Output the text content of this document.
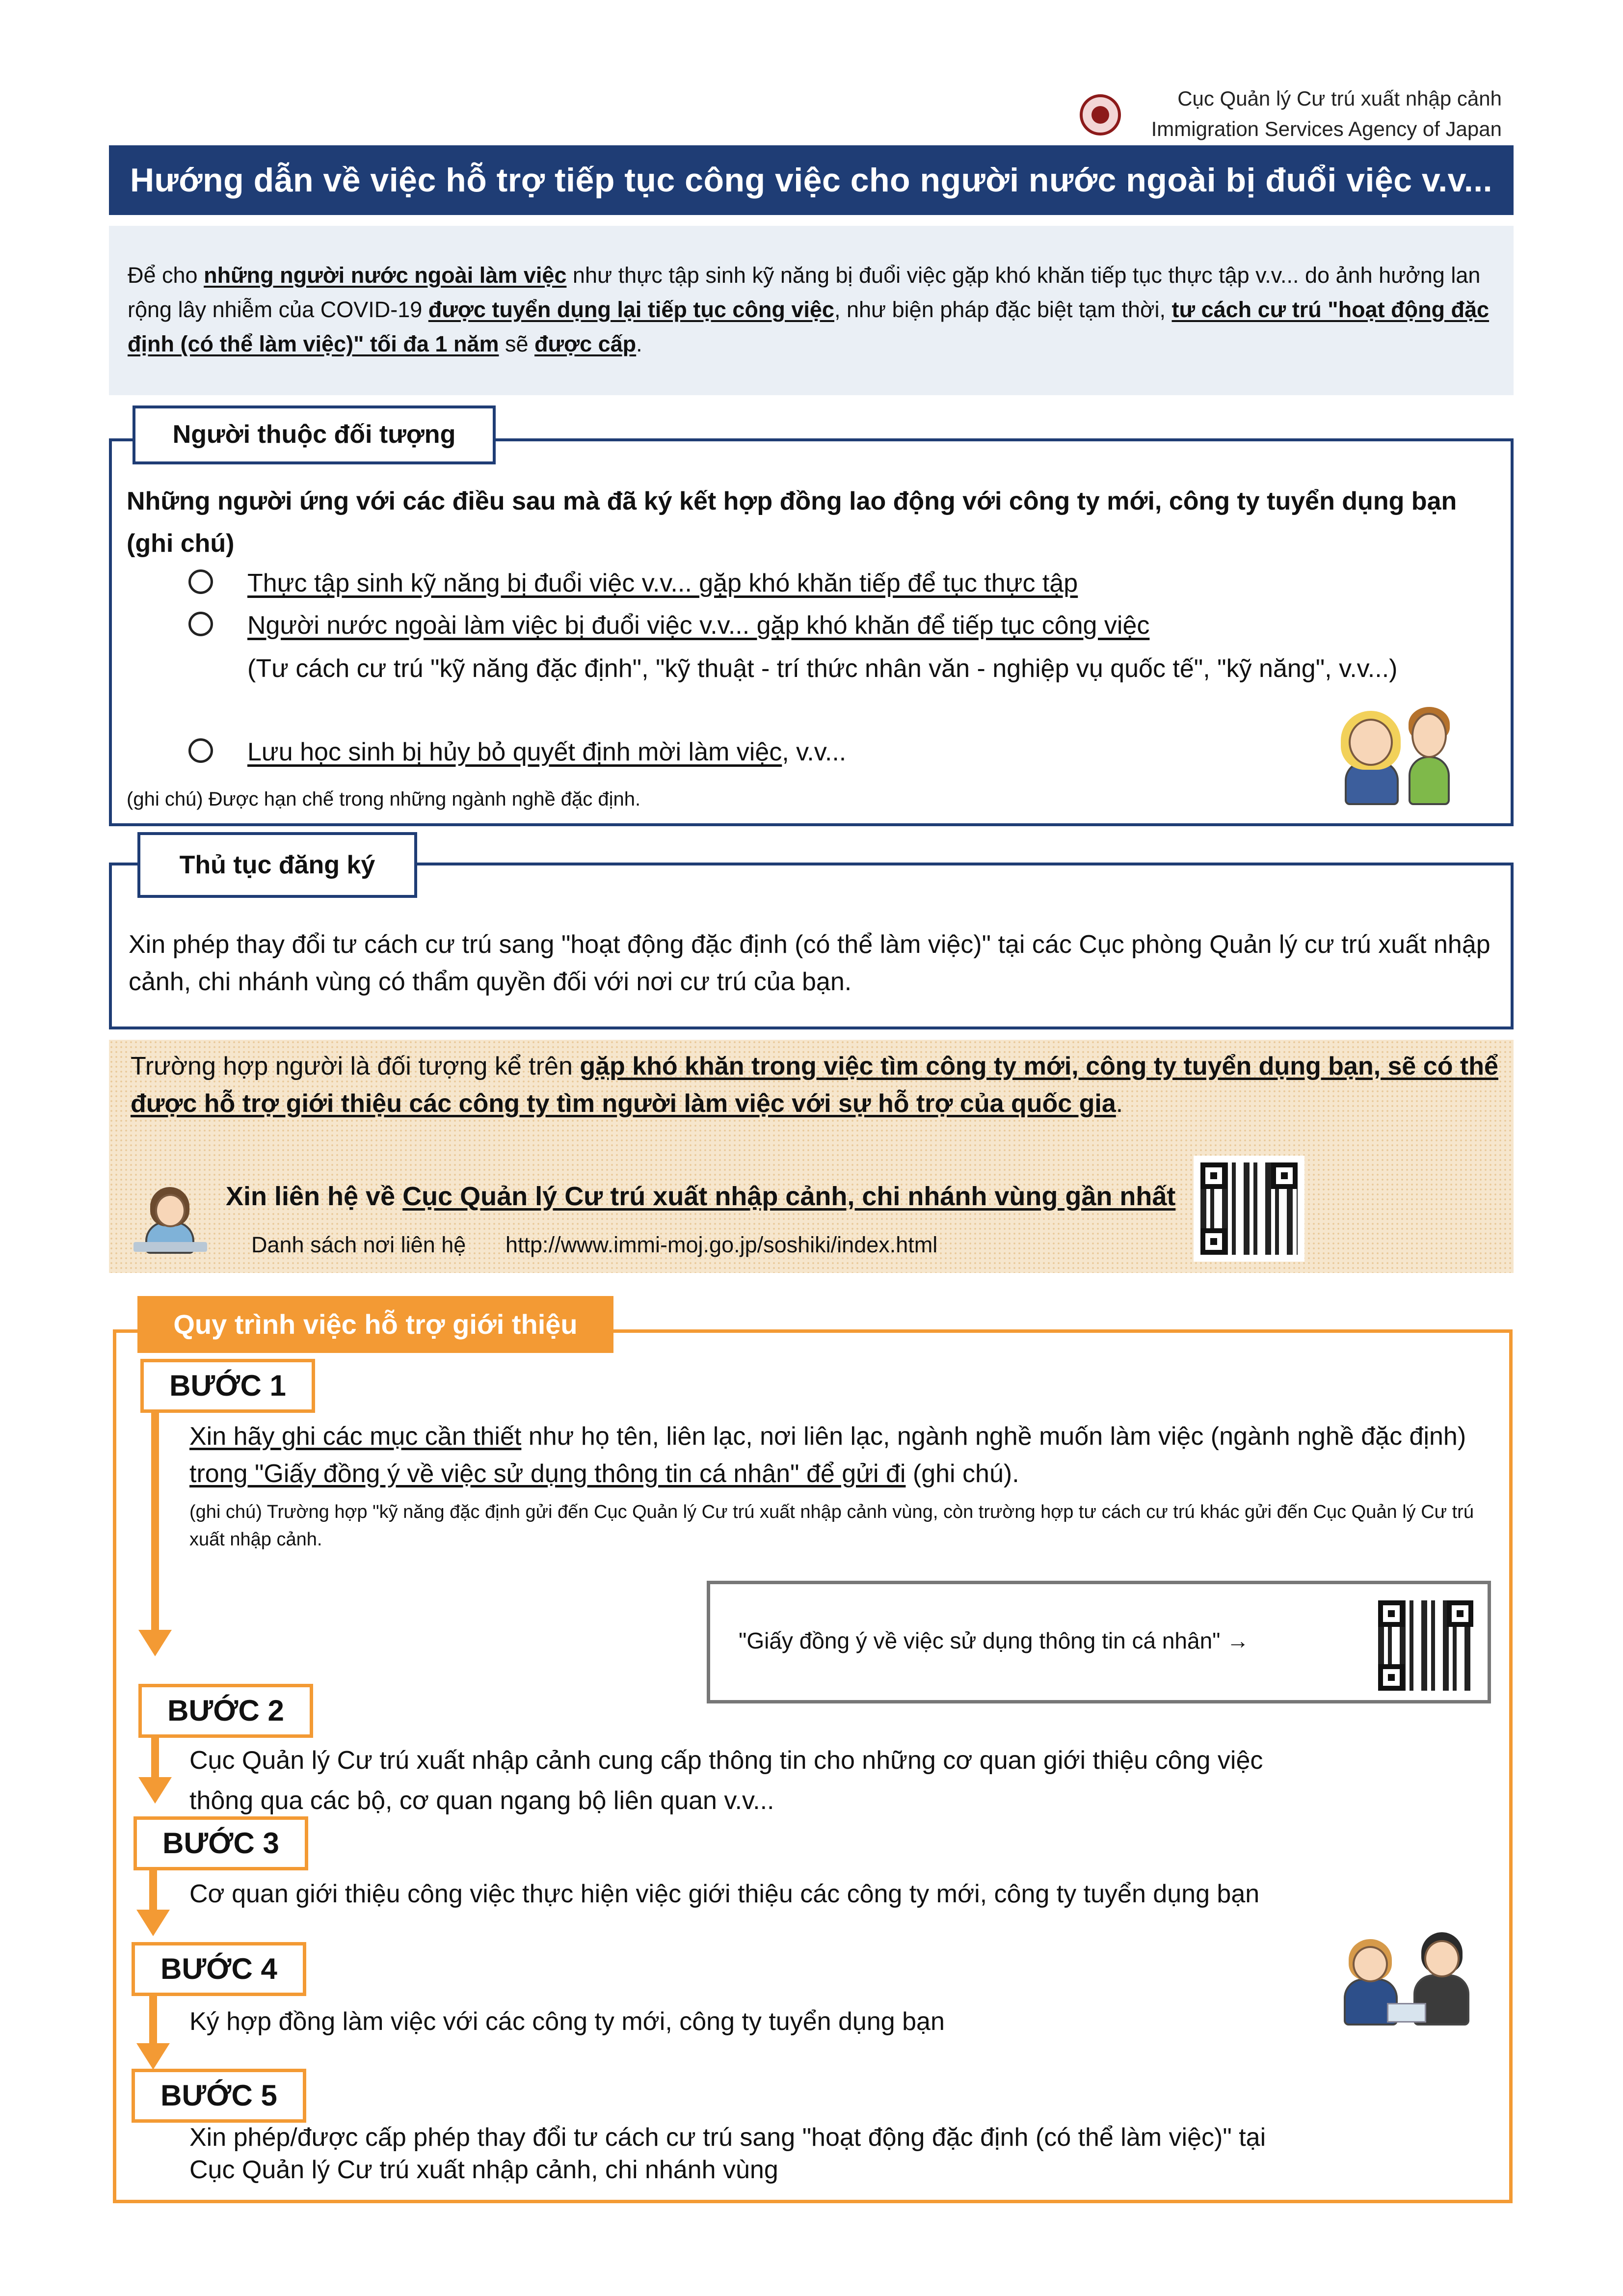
Cục Quản lý Cư trú xuất nhập cảnh
Immigration Services Agency of Japan
Hướng dẫn về việc hỗ trợ tiếp tục công việc cho người nước ngoài bị đuổi việc v.v...
Để cho những người nước ngoài làm việc như thực tập sinh kỹ năng bị đuổi việc gặp khó khăn tiếp tục thực tập v.v... do ảnh hưởng lan rộng lây nhiễm của COVID-19 được tuyển dụng lại tiếp tục công việc, như biện pháp đặc biệt tạm thời, tư cách cư trú "hoạt động đặc định (có thể làm việc)" tối đa 1 năm sẽ được cấp.
Người thuộc đối tượng
Những người ứng với các điều sau mà đã ký kết hợp đồng lao động với công ty mới, công ty tuyển dụng bạn (ghi chú)
Thực tập sinh kỹ năng bị đuổi việc v.v... gặp khó khăn tiếp để tục thực tập
Người nước ngoài làm việc bị đuổi việc v.v... gặp khó khăn để tiếp tục công việc
(Tư cách cư trú "kỹ năng đặc định", "kỹ thuật - trí thức nhân văn - nghiệp vụ quốc tế", "kỹ năng", v.v...)
Lưu học sinh bị hủy bỏ quyết định mời làm việc, v.v...
(ghi chú) Được hạn chế trong những ngành nghề đặc định.
Thủ tục đăng ký
Xin phép thay đổi tư cách cư trú sang "hoạt động đặc định (có thể làm việc)" tại các Cục phòng Quản lý cư trú xuất nhập cảnh, chi nhánh vùng có thẩm quyền đối với nơi cư trú của bạn.
Trường hợp người là đối tượng kể trên gặp khó khăn trong việc tìm công ty mới, công ty tuyển dụng bạn, sẽ có thể được hỗ trợ giới thiệu các công ty tìm người làm việc với sự hỗ trợ của quốc gia.
Xin liên hệ về Cục Quản lý Cư trú xuất nhập cảnh, chi nhánh vùng gần nhất
Danh sách nơi liên hệ http://www.immi-moj.go.jp/soshiki/index.html
Quy trình việc hỗ trợ giới thiệu
BƯỚC 1
Xin hãy ghi các mục cần thiết như họ tên, liên lạc, nơi liên lạc, ngành nghề muốn làm việc (ngành nghề đặc định) trong "Giấy đồng ý về việc sử dụng thông tin cá nhân" để gửi đi (ghi chú).
(ghi chú) Trường hợp "kỹ năng đặc định gửi đến Cục Quản lý Cư trú xuất nhập cảnh vùng, còn trường hợp tư cách cư trú khác gửi đến Cục Quản lý Cư trú xuất nhập cảnh.
"Giấy đồng ý về việc sử dụng thông tin cá nhân" →
BƯỚC 2
Cục Quản lý Cư trú xuất nhập cảnh cung cấp thông tin cho những cơ quan giới thiệu công việc
thông qua các bộ, cơ quan ngang bộ liên quan v.v...
BƯỚC 3
Cơ quan giới thiệu công việc thực hiện việc giới thiệu các công ty mới, công ty tuyển dụng bạn
BƯỚC 4
Ký hợp đồng làm việc với các công ty mới, công ty tuyển dụng bạn
BƯỚC 5
Xin phép/được cấp phép thay đổi tư cách cư trú sang "hoạt động đặc định (có thể làm việc)" tại
Cục Quản lý Cư trú xuất nhập cảnh, chi nhánh vùng
